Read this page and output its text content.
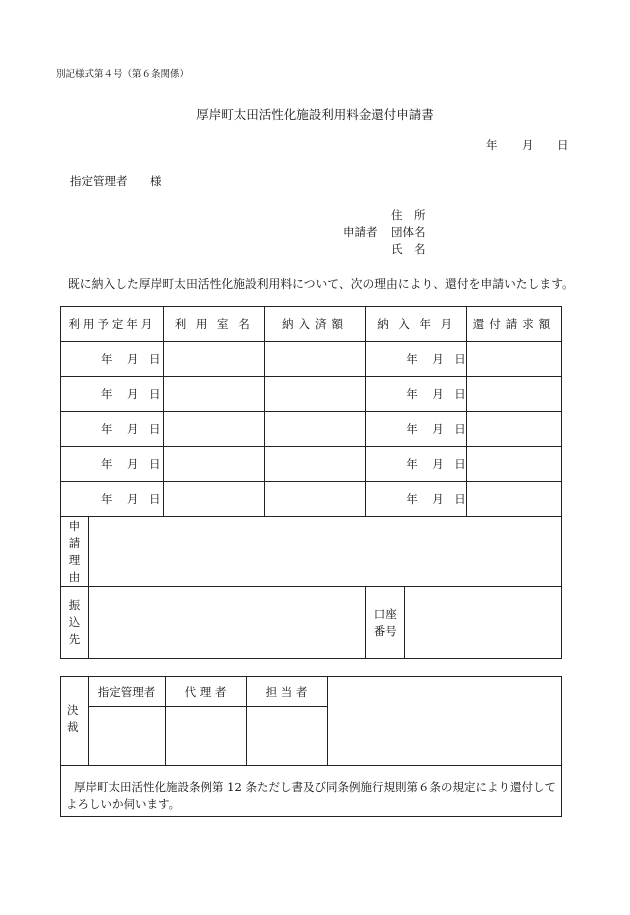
別記様式第４号（第６条関係）
厚岸町太田活性化施設利用料金還付申請書
年 月 日
指定管理者 様
住　所
申請者 団体名
氏　名
既に納入した厚岸町太田活性化施設利用料について、次の理由により、還付を申請いたします。
利用予定年月		利 用 室 名	納入済額	納 入 年 月		還付請求額

年 月 日				年 月 日		

年 月 日				年 月 日		

年 月 日				年 月 日		

年 月 日				年 月 日		

年 月 日				年 月 日		

申請理由						

振込先				口座
番号		

決裁
指定管理者	代 理 者	担 当 者
厚岸町太田活性化施設条例第 12 条ただし書及び同条例施行規則第６条の規定により還付してよろしいか伺います。
